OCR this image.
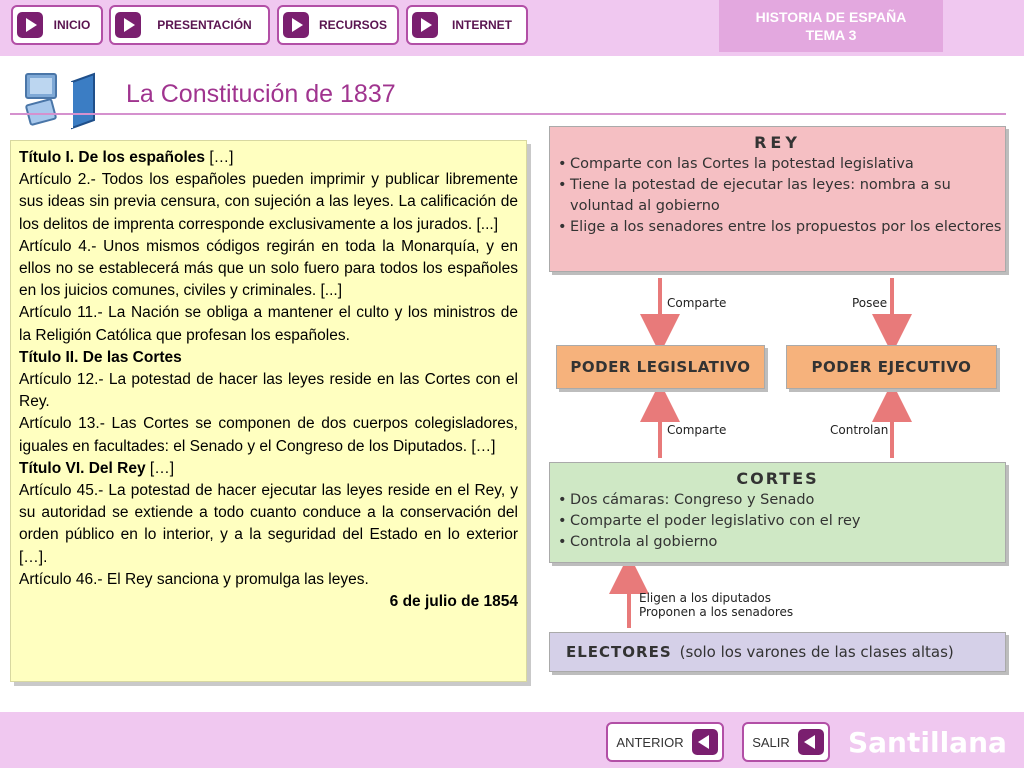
INICIO	PRESENTACIÓN	RECURSOS	INTERNET	HISTORIA DE ESPAÑA
TEMA 3
La Constitución de 1837

Título I. De los españoles […]

Artículo 2.- Todos los españoles pueden imprimir y publicar libremente sus ideas sin previa censura, con sujeción a las leyes. La calificación de los delitos de imprenta corresponde exclusivamente a los jurados. [...]

Artículo 4.- Unos mismos códigos regirán en toda la Monarquía, y en ellos no se establecerá más que un solo fuero para todos los españoles en los juicios comunes, civiles y criminales. [...]

Artículo 11.- La Nación se obliga a mantener el culto y los ministros de la Religión Católica que profesan los españoles.

Título II. De las Cortes

Artículo 12.- La potestad de hacer las leyes reside en las Cortes con el Rey.

Artículo 13.- Las Cortes se componen de dos cuerpos colegisladores, iguales en facultades: el Senado y el Congreso de los Diputados. […]

Título VI. Del Rey […]

Artículo 45.- La potestad de hacer ejecutar las leyes reside en el Rey, y su autoridad se extiende a todo cuanto conduce a la conservación del orden público en lo interior, y a la seguridad del Estado en lo exterior […].

Artículo 46.- El Rey sanciona y promulga las leyes.

6 de julio de 1854

REY
• Comparte con las Cortes la potestad legislativa
• Tiene la potestad de ejecutar las leyes: nombra a su voluntad al gobierno
• Elige a los senadores entre los propuestos por los electores
Comparte	Posee
PODER LEGISLATIVO	PODER EJECUTIVO
Comparte	Controlan
CORTES
• Dos cámaras: Congreso y Senado
• Comparte el poder legislativo con el rey
• Controla al gobierno
Eligen a los diputados
Proponen a los senadores
ELECTORES (solo los varones de las clases altas)
ANTERIOR	SALIR Santillana
